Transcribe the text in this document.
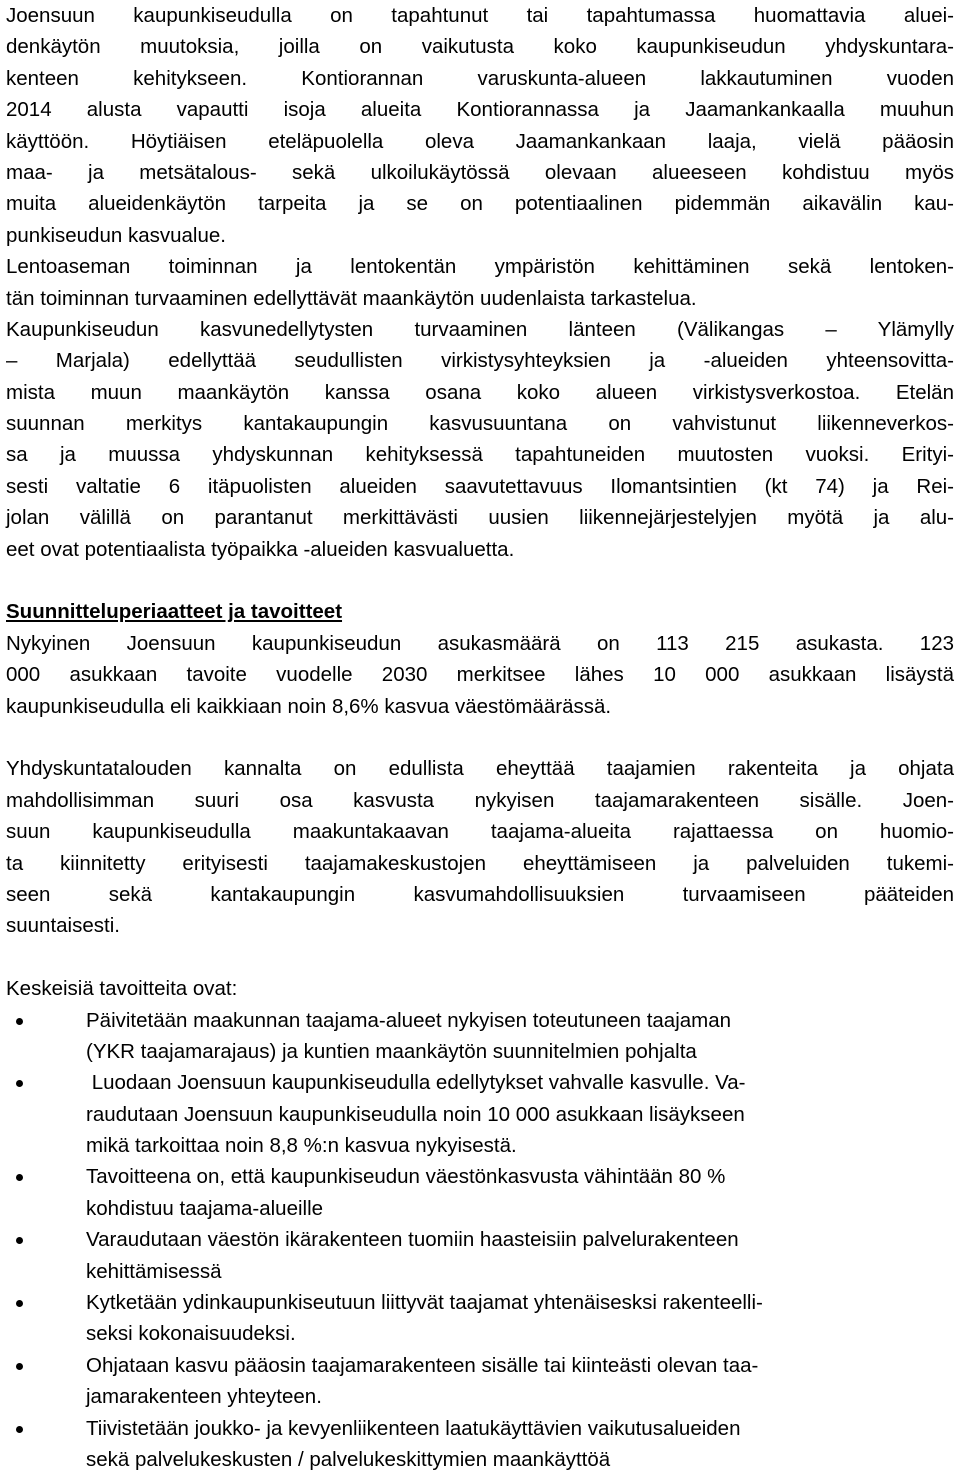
Joensuun kaupunkiseudulla on tapahtunut tai tapahtumassa huomattavia aluei-
denkäytön muutoksia, joilla on vaikutusta koko kaupunkiseudun yhdyskuntara-
kenteen kehitykseen. Kontiorannan varuskunta-alueen lakkautuminen vuoden
2014 alusta vapautti isoja alueita Kontiorannassa ja Jaamankankaalla muuhun
käyttöön. Höytiäisen eteläpuolella oleva Jaamankankaan laaja, vielä pääosin
maa- ja metsätalous- sekä ulkoilukäytössä olevaan alueeseen kohdistuu myös
muita alueidenkäytön tarpeita ja se on potentiaalinen pidemmän aikavälin kau-
punkiseudun kasvualue.
Lentoaseman toiminnan ja lentokentän ympäristön kehittäminen sekä lentoken-
tän toiminnan turvaaminen edellyttävät maankäytön uudenlaista tarkastelua.
Kaupunkiseudun kasvunedellytysten turvaaminen länteen (Välikangas – Ylämylly
– Marjala) edellyttää seudullisten virkistysyhteyksien ja -alueiden yhteensovitta-
mista muun maankäytön kanssa osana koko alueen virkistysverkostoa. Etelän
suunnan merkitys kantakaupungin kasvusuuntana on vahvistunut liikenneverkos-
sa ja muussa yhdyskunnan kehityksessä tapahtuneiden muutosten vuoksi. Erityi-
sesti valtatie 6 itäpuolisten alueiden saavutettavuus Ilomantsintien (kt 74) ja Rei-
jolan välillä on parantanut merkittävästi uusien liikennejärjestelyjen myötä ja alu-
eet ovat potentiaalista työpaikka -alueiden kasvualuetta.
Suunnitteluperiaatteet ja tavoitteet
Nykyinen Joensuun kaupunkiseudun asukasmäärä on 113 215 asukasta. 123
000 asukkaan tavoite vuodelle 2030 merkitsee lähes 10 000 asukkaan lisäystä
kaupunkiseudulla eli kaikkiaan noin 8,6% kasvua väestömäärässä.
Yhdyskuntatalouden kannalta on edullista eheyttää taajamien rakenteita ja ohjata
mahdollisimman suuri osa kasvusta nykyisen taajamarakenteen sisälle. Joen-
suun kaupunkiseudulla maakuntakaavan taajama-alueita rajattaessa on huomio-
ta kiinnitetty erityisesti taajamakeskustojen eheyttämiseen ja palveluiden tukemi-
seen sekä kantakaupungin kasvumahdollisuuksien turvaamiseen pääteiden
suuntaisesti.
Keskeisiä tavoitteita ovat:
Päivitetään maakunnan taajama-alueet nykyisen toteutuneen taajaman
(YKR taajamarajaus) ja kuntien maankäytön suunnitelmien pohjalta
Luodaan Joensuun kaupunkiseudulla edellytykset vahvalle kasvulle. Va-
raudutaan Joensuun kaupunkiseudulla noin 10 000 asukkaan lisäykseen
mikä tarkoittaa noin 8,8 %:n kasvua nykyisestä.
Tavoitteena on, että kaupunkiseudun väestönkasvusta vähintään 80 %
kohdistuu taajama-alueille
Varaudutaan väestön ikärakenteen tuomiin haasteisiin palvelurakenteen
kehittämisessä
Kytketään ydinkaupunkiseutuun liittyvät taajamat yhtenäisesksi rakenteelli-
seksi kokonaisuudeksi.
Ohjataan kasvu pääosin taajamarakenteen sisälle tai kiinteästi olevan taa-
jamarakenteen yhteyteen.
Tiivistetään joukko- ja kevyenliikenteen laatukäyttävien vaikutusalueiden
sekä palvelukeskusten / palvelukeskittymien maankäyttöä
